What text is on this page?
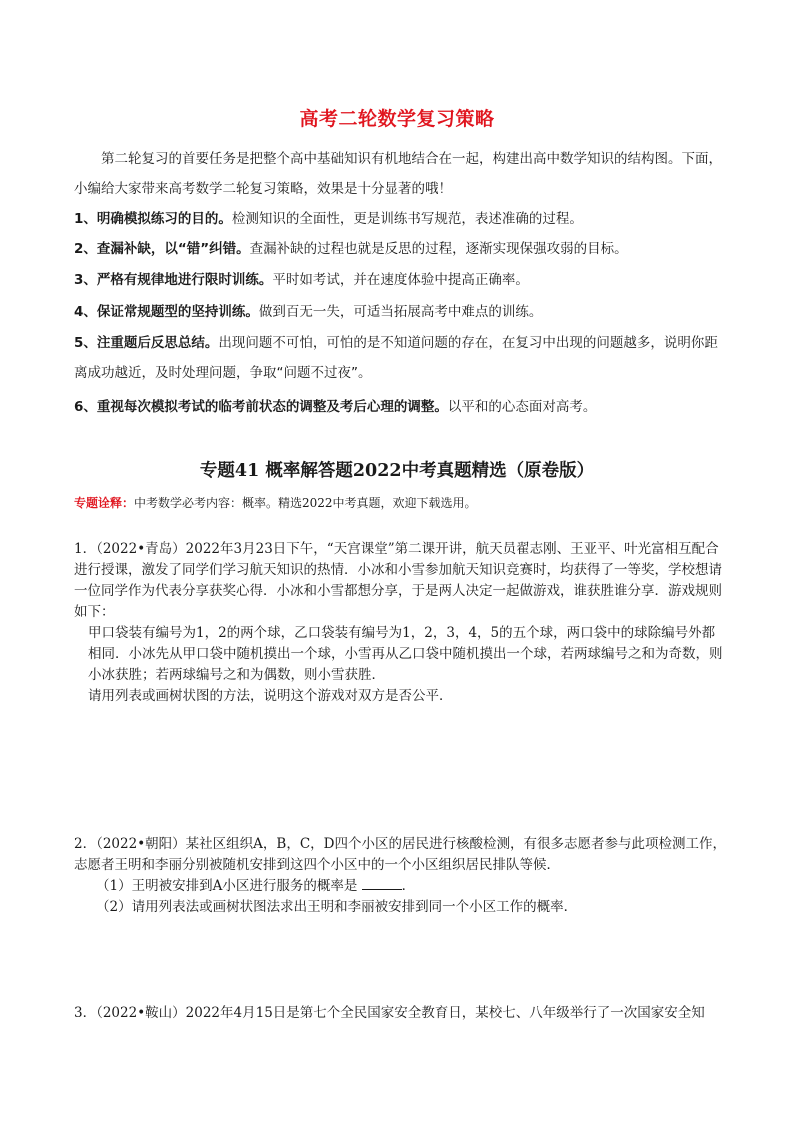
高考二轮数学复习策略
第二轮复习的首要任务是把整个高中基础知识有机地结合在一起，构建出高中数学知识的结构图。下面，小编给大家带来高考数学二轮复习策略，效果是十分显著的哦！
1、明确模拟练习的目的。检测知识的全面性，更是训练书写规范，表述准确的过程。
2、查漏补缺，以“错”纠错。查漏补缺的过程也就是反思的过程，逐渐实现保强攻弱的目标。
3、严格有规律地进行限时训练。平时如考试，并在速度体验中提高正确率。
4、保证常规题型的坚持训练。做到百无一失，可适当拓展高考中难点的训练。
5、注重题后反思总结。出现问题不可怕，可怕的是不知道问题的存在，在复习中出现的问题越多，说明你距离成功越近，及时处理问题，争取“问题不过夜”。
6、重视每次模拟考试的临考前状态的调整及考后心理的调整。以平和的心态面对高考。
专题41 概率解答题2022中考真题精选（原卷版）
专题诠释：中考数学必考内容：概率。精选2022中考真题，欢迎下载选用。
1．（2022•青岛）2022年3月23日下午，“天宫课堂”第二课开讲，航天员翟志刚、王亚平、叶光富相互配合进行授课，激发了同学们学习航天知识的热情．小冰和小雪参加航天知识竞赛时，均获得了一等奖，学校想请一位同学作为代表分享获奖心得．小冰和小雪都想分享，于是两人决定一起做游戏，谁获胜谁分享．游戏规则如下：
甲口袋装有编号为1，2的两个球，乙口袋装有编号为1，2，3，4，5的五个球，两口袋中的球除编号外都相同．小冰先从甲口袋中随机摸出一个球，小雪再从乙口袋中随机摸出一个球，若两球编号之和为奇数，则小冰获胜；若两球编号之和为偶数，则小雪获胜．
请用列表或画树状图的方法，说明这个游戏对双方是否公平．
2．（2022•朝阳）某社区组织A，B，C，D四个小区的居民进行核酸检测，有很多志愿者参与此项检测工作，志愿者王明和李丽分别被随机安排到这四个小区中的一个小区组织居民排队等候．
（1）王明被安排到A小区进行服务的概率是	．
（2）请用列表法或画树状图法求出王明和李丽被安排到同一个小区工作的概率．
3．（2022•鞍山）2022年4月15日是第七个全民国家安全教育日，某校七、八年级举行了一次国家安全知
